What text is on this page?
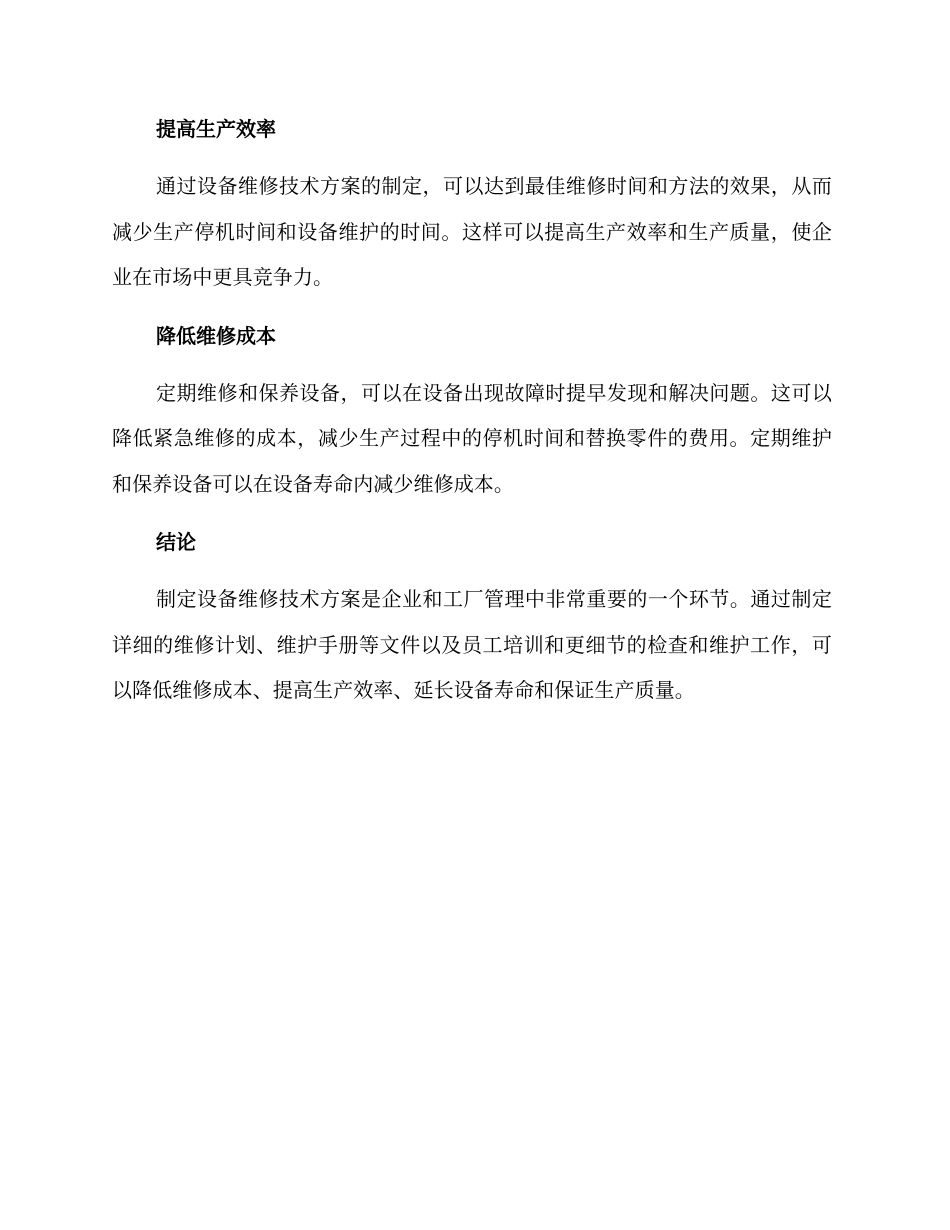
提高生产效率

通过设备维修技术方案的制定，可以达到最佳维修时间和方法的效果，从而减少生产停机时间和设备维护的时间。这样可以提高生产效率和生产质量，使企业在市场中更具竞争力。

降低维修成本

定期维修和保养设备，可以在设备出现故障时提早发现和解决问题。这可以降低紧急维修的成本，减少生产过程中的停机时间和替换零件的费用。定期维护和保养设备可以在设备寿命内减少维修成本。

结论

制定设备维修技术方案是企业和工厂管理中非常重要的一个环节。通过制定详细的维修计划、维护手册等文件以及员工培训和更细节的检查和维护工作，可以降低维修成本、提高生产效率、延长设备寿命和保证生产质量。
